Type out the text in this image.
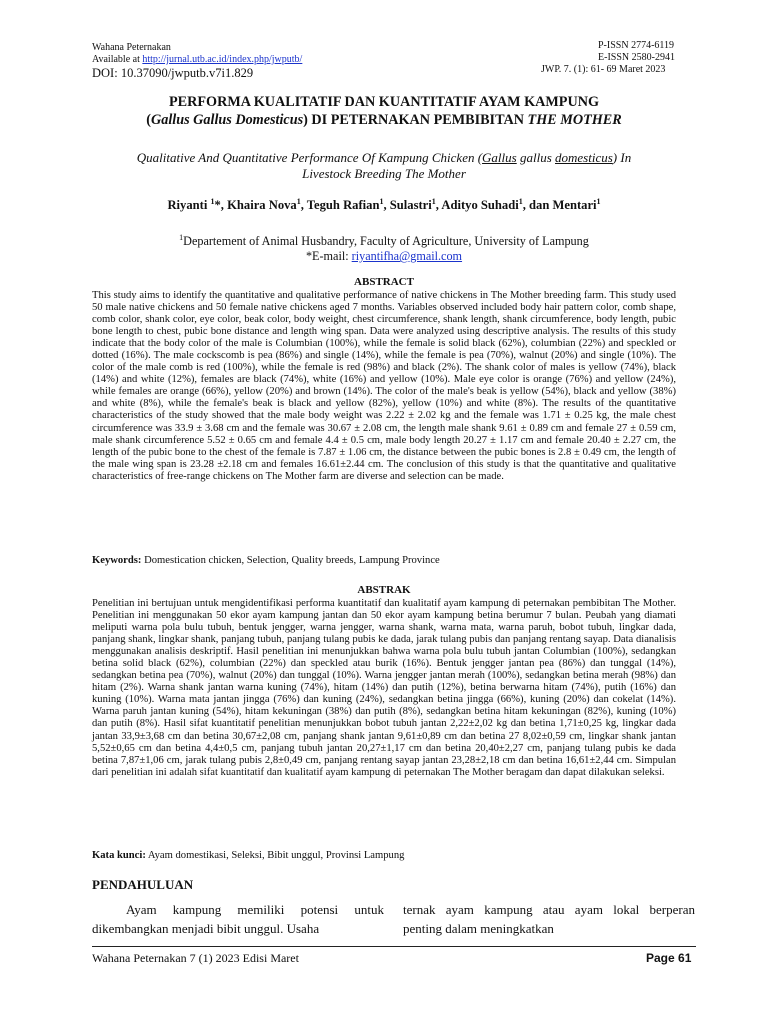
Wahana Peternakan
Available at http://jurnal.utb.ac.id/index.php/jwputb/
DOI: 10.37090/jwputb.v7i1.829
P-ISSN 2774-6119
E-ISSN 2580-2941
JWP. 7. (1): 61- 69 Maret 2023
PERFORMA KUALITATIF DAN KUANTITATIF AYAM KAMPUNG
(Gallus Gallus Domesticus) DI PETERNAKAN PEMBIBITAN THE MOTHER
Qualitative And Quantitative Performance Of Kampung Chicken (Gallus gallus domesticus) In
Livestock Breeding The Mother
Riyanti $^1$*, Khaira Nova$^1$, Teguh Rafian$^1$, Sulastri$^1$, Adityo Suhadi$^1$, dan Mentari$^1$
$^1$Departement of Animal Husbandry, Faculty of Agriculture, University of Lampung
*E-mail: riyantifha@gmail.com
ABSTRACT
This study aims to identify the quantitative and qualitative performance of native chickens in The Mother breeding farm. This study used 50 male native chickens and 50 female native chickens aged 7 months. Variables observed included body hair pattern color, comb shape, comb color, shank color, eye color, beak color, body weight, chest circumference, shank length, shank circumference, body length, pubic bone length to chest, pubic bone distance and length wing span. Data were analyzed using descriptive analysis. The results of this study indicate that the body color of the male is Columbian (100%), while the female is solid black (62%), columbian (22%) and speckled or dotted (16%). The male cockscomb is pea (86%) and single (14%), while the female is pea (70%), walnut (20%) and single (10%). The color of the male comb is red (100%), while the female is red (98%) and black (2%). The shank color of males is yellow (74%), black (14%) and white (12%), females are black (74%), white (16%) and yellow (10%). Male eye color is orange (76%) and yellow (24%), while females are orange (66%), yellow (20%) and brown (14%). The color of the male's beak is yellow (54%), black and yellow (38%) and white (8%), while the female's beak is black and yellow (82%), yellow (10%) and white (8%). The results of the quantitative characteristics of the study showed that the male body weight was 2.22 ± 2.02 kg and the female was 1.71 ± 0.25 kg, the male chest circumference was 33.9 ± 3.68 cm and the female was 30.67 ± 2.08 cm, the length male shank 9.61 ± 0.89 cm and female 27 ± 0.59 cm, male shank circumference 5.52 ± 0.65 cm and female 4.4 ± 0.5 cm, male body length 20.27 ± 1.17 cm and female 20.40 ± 2.27 cm, the length of the pubic bone to the chest of the female is 7.87 ± 1.06 cm, the distance between the pubic bones is 2.8 ± 0.49 cm, the length of the male wing span is 23.28 ±2.18 cm and females 16.61±2.44 cm. The conclusion of this study is that the quantitative and qualitative characteristics of free-range chickens on The Mother farm are diverse and selection can be made.
Keywords: Domestication chicken, Selection, Quality breeds, Lampung Province
ABSTRAK
Penelitian ini bertujuan untuk mengidentifikasi performa kuantitatif dan kualitatif ayam kampung di peternakan pembibitan The Mother. Penelitian ini menggunakan 50 ekor ayam kampung jantan dan 50 ekor ayam kampung betina berumur 7 bulan. Peubah yang diamati meliputi warna pola bulu tubuh, bentuk jengger, warna jengger, warna shank, warna mata, warna paruh, bobot tubuh, lingkar dada, panjang shank, lingkar shank, panjang tubuh, panjang tulang pubis ke dada, jarak tulang pubis dan panjang rentang sayap. Data dianalisis menggunakan analisis deskriptif. Hasil penelitian ini menunjukkan bahwa warna pola bulu tubuh jantan Columbian (100%), sedangkan betina solid black (62%), columbian (22%) dan speckled atau burik (16%). Bentuk jengger jantan pea (86%) dan tunggal (14%), sedangkan betina pea (70%), walnut (20%) dan tunggal (10%). Warna jengger jantan merah (100%), sedangkan betina merah (98%) dan hitam (2%). Warna shank jantan warna kuning (74%), hitam (14%) dan putih (12%), betina berwarna hitam (74%), putih (16%) dan kuning (10%). Warna mata jantan jingga (76%) dan kuning (24%), sedangkan betina jingga (66%), kuning (20%) dan cokelat (14%). Warna paruh jantan kuning (54%), hitam kekuningan (38%) dan putih (8%), sedangkan betina hitam kekuningan (82%), kuning (10%) dan putih (8%). Hasil sifat kuantitatif penelitian menunjukkan bobot tubuh jantan 2,22±2,02 kg dan betina 1,71±0,25 kg, lingkar dada jantan 33,9±3,68 cm dan betina 30,67±2,08 cm, panjang shank jantan 9,61±0,89 cm dan betina 27 8,02±0,59 cm, lingkar shank jantan 5,52±0,65 cm dan betina 4,4±0,5 cm, panjang tubuh jantan 20,27±1,17 cm dan betina 20,40±2,27 cm, panjang tulang pubis ke dada betina 7,87±1,06 cm, jarak tulang pubis 2,8±0,49 cm, panjang rentang sayap jantan 23,28±2,18 cm dan betina 16,61±2,44 cm. Simpulan dari penelitian ini adalah sifat kuantitatif dan kualitatif ayam kampung di peternakan The Mother beragam dan dapat dilakukan seleksi.
Kata kunci: Ayam domestikasi, Seleksi, Bibit unggul, Provinsi Lampung
PENDAHULUAN
Ayam kampung memiliki potensi untuk dikembangkan menjadi bibit unggul. Usaha
ternak ayam kampung atau ayam lokal berperan penting dalam meningkatkan
Wahana Peternakan 7 (1) 2023 Edisi Maret	Page 61
